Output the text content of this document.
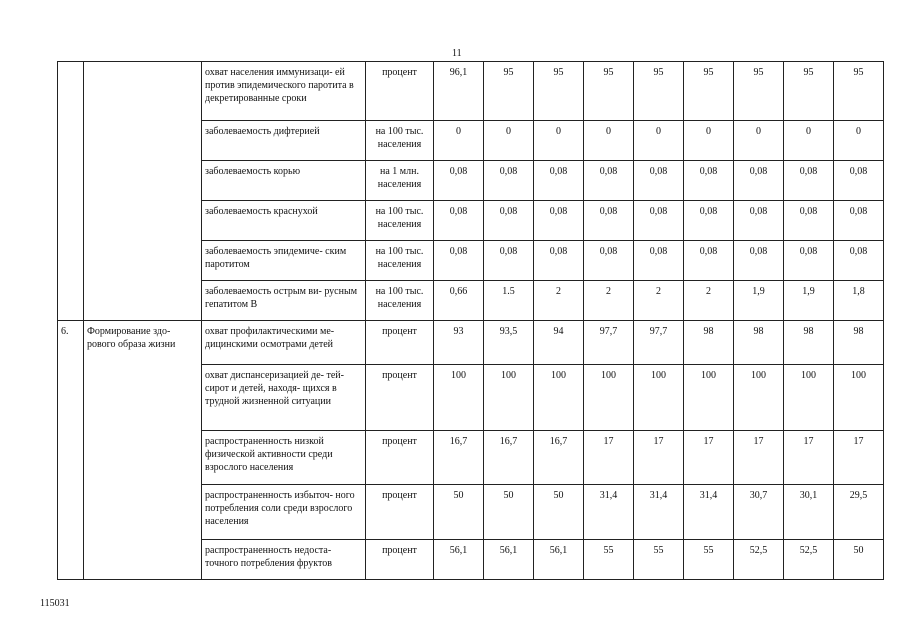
11
		охват населения иммунизаци- ей против эпидемического паротита в декретированные сроки	процент	96,1	95	95	95	95	95	95	95	95
		заболеваемость дифтерией	на 100 тыс. населения	0	0	0	0	0	0	0	0	0
		заболеваемость корью	на 1 млн. населения	0,08	0,08	0,08	0,08	0,08	0,08	0,08	0,08	0,08
		заболеваемость краснухой	на 100 тыс. населения	0,08	0,08	0,08	0,08	0,08	0,08	0,08	0,08	0,08
		заболеваемость эпидемиче- ским паротитом	на 100 тыс. населения	0,08	0,08	0,08	0,08	0,08	0,08	0,08	0,08	0,08
		заболеваемость острым ви- русным гепатитом В	на 100 тыс. населения	0,66	1.5	2	2	2	2	1,9	1,9	1,8
6.	Формирование здо- рового образа жизни	охват профилактическими ме- дицинскими осмотрами детей	процент	93	93,5	94	97,7	97,7	98	98	98	98
		охват диспансеризацией де- тей-сирот и детей, находя- щихся в трудной жизненной ситуации	процент	100	100	100	100	100	100	100	100	100
		распространенность низкой физической активности среди взрослого населения	процент	16,7	16,7	16,7	17	17	17	17	17	17
		распространенность избыточ- ного потребления соли среди взрослого населения	процент	50	50	50	31,4	31,4	31,4	30,7	30,1	29,5
		распространенность недоста- точного потребления фруктов	процент	56,1	56,1	56,1	55	55	55	52,5	52,5	50
115031
